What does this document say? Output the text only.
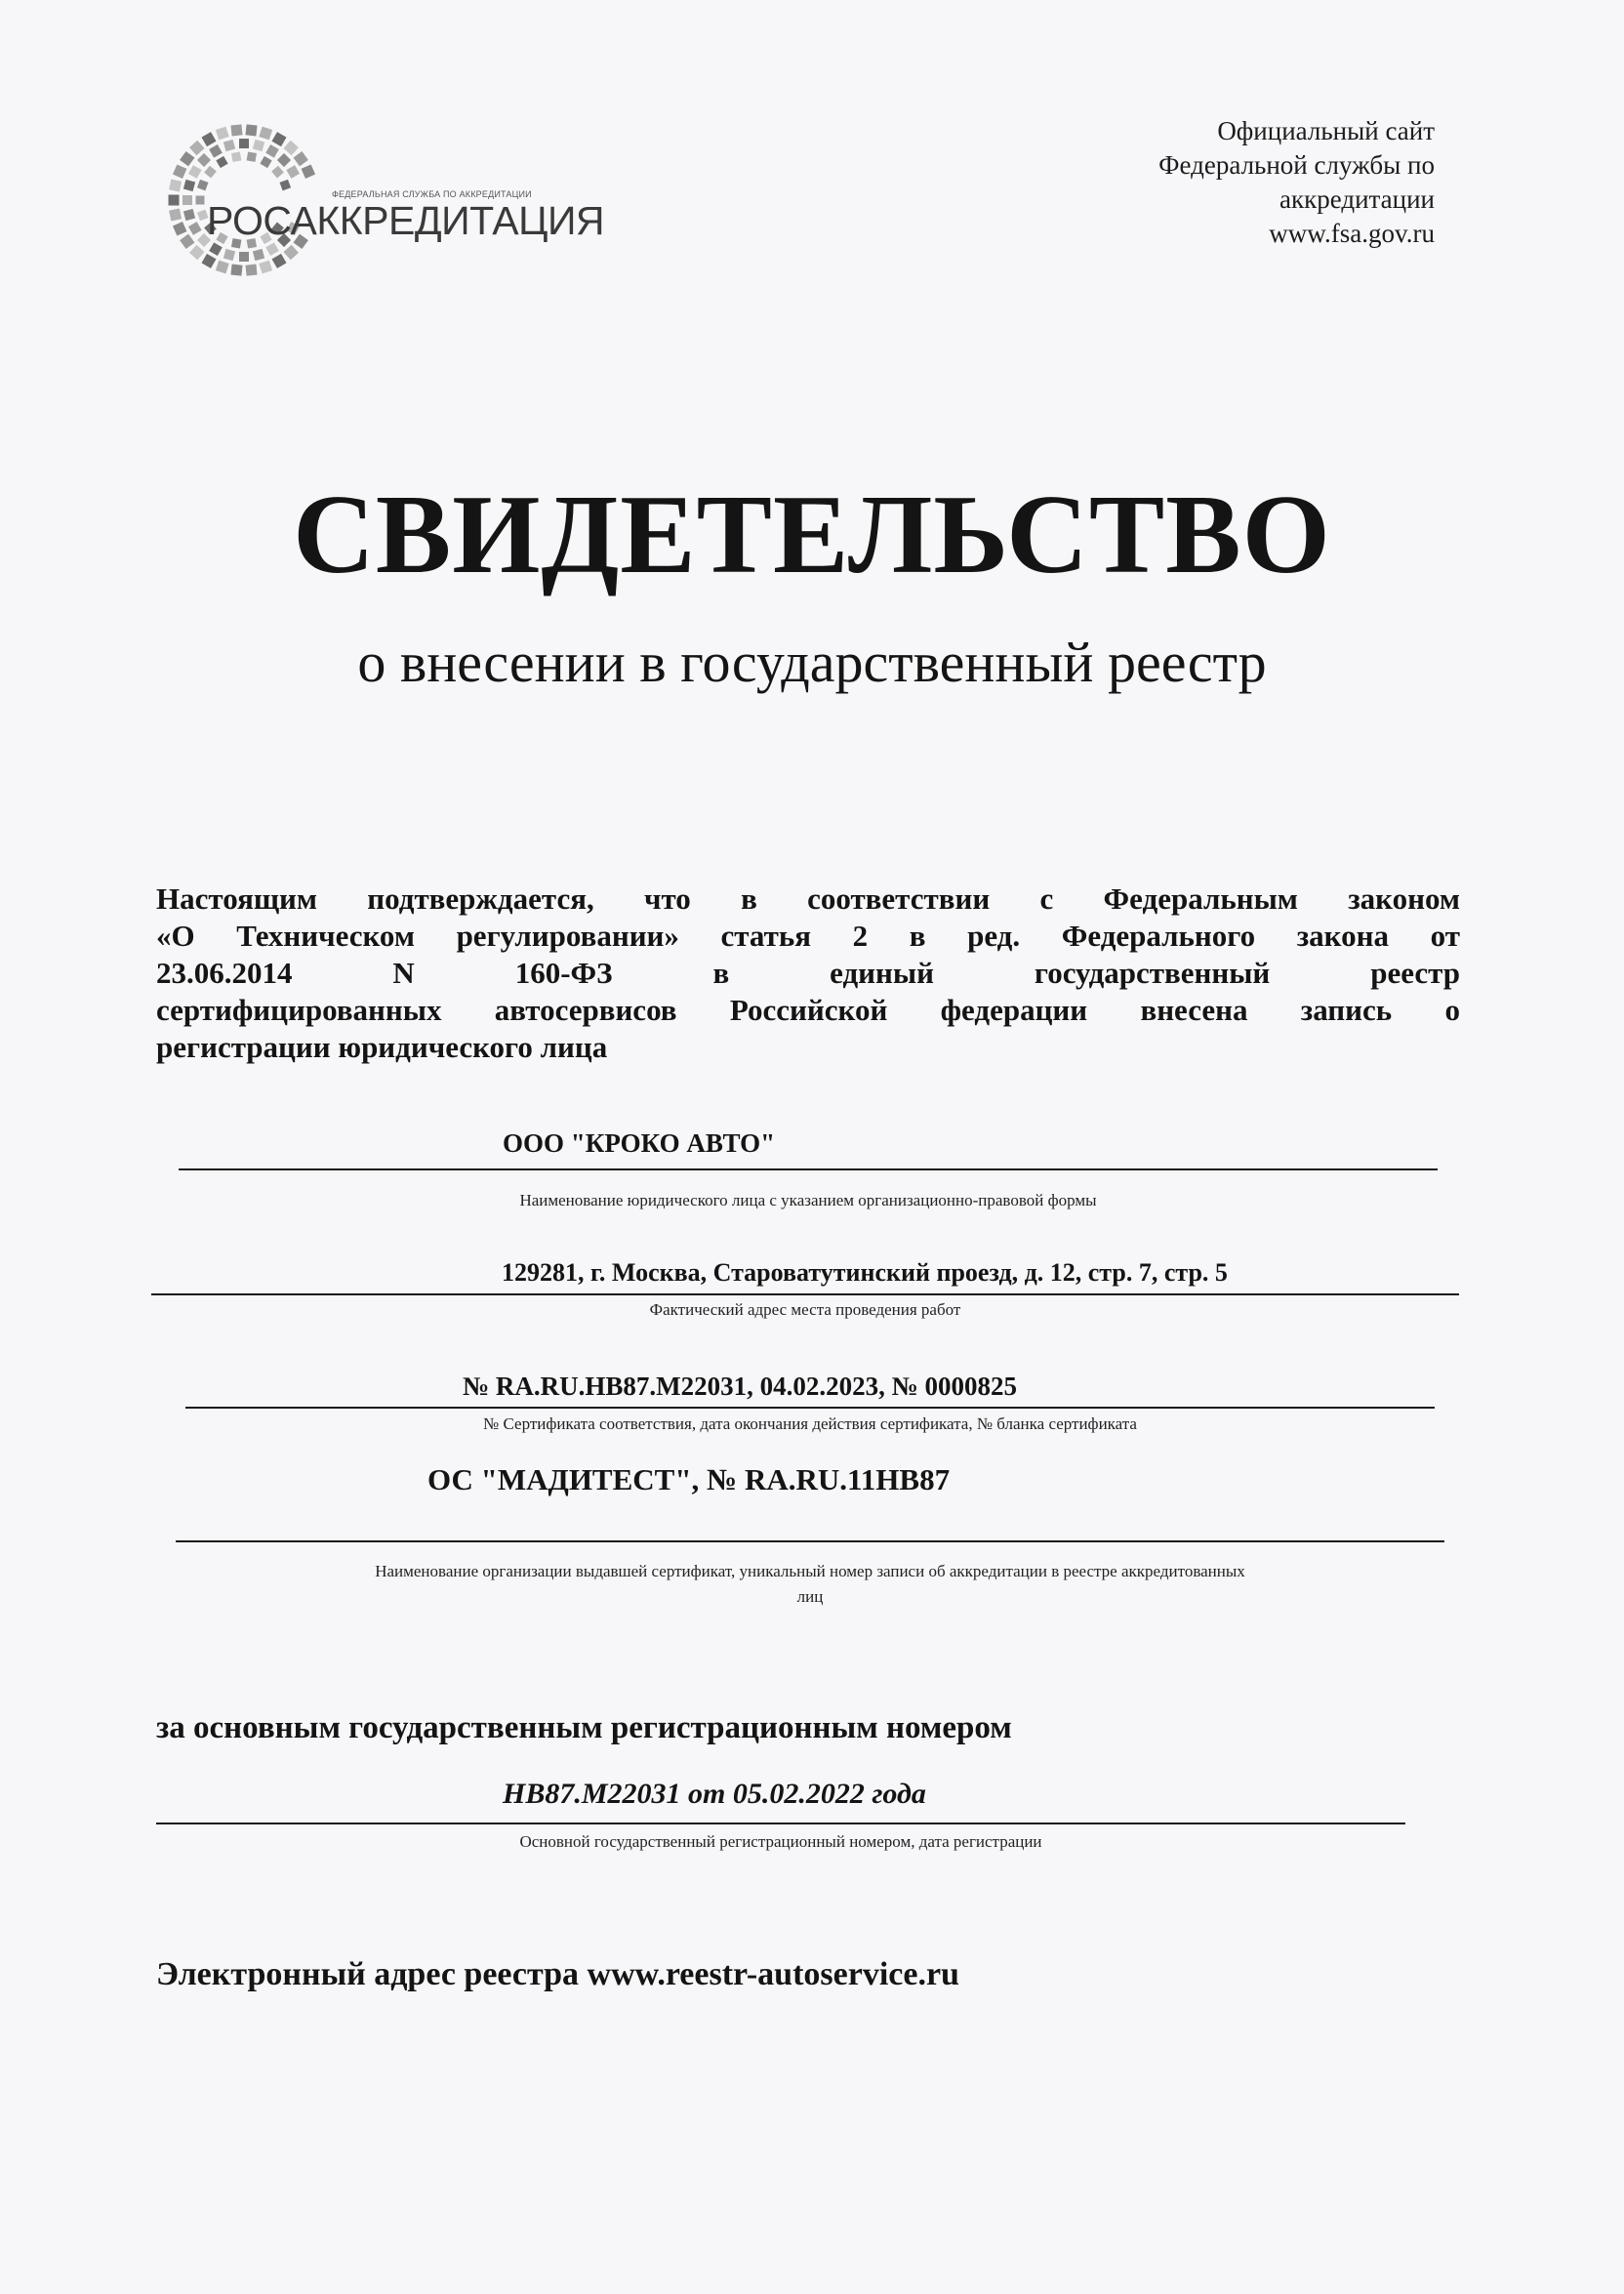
ФЕДЕРАЛЬНАЯ СЛУЖБА ПО АККРЕДИТАЦИИ
РОСАККРЕДИТАЦИЯ
Официальный сайт
Федеральной службы по
аккредитации
www.fsa.gov.ru
СВИДЕТЕЛЬСТВО
о внесении в государственный реестр
Настоящим подтверждается, что в соответствии с Федеральным законом
«О Техническом регулировании» статья 2 в ред. Федерального закона от
23.06.2014	N	160-ФЗ	в	единый	государственный	реестр
сертифицированных автосервисов Российской федерации внесена запись о
регистрации юридического лица
ООО "КРОКО АВТО"
Наименование юридического лица с указанием организационно-правовой формы
129281, г. Москва, Староватутинский проезд, д. 12, стр. 7, стр. 5
Фактический адрес места проведения работ
№ RA.RU.HB87.M22031, 04.02.2023, № 0000825
№ Сертификата соответствия, дата окончания действия сертификата, № бланка сертификата
ОС "МАДИТЕСТ", № RA.RU.11HB87
Наименование организации выдавшей сертификат, уникальный номер записи об аккредитации в реестре аккредитованных
лиц
за основным государственным регистрационным номером
НВ87.М22031 от 05.02.2022 года
Основной государственный регистрационный номером, дата регистрации
Электронный адрес реестра www.reestr-autoservice.ru
